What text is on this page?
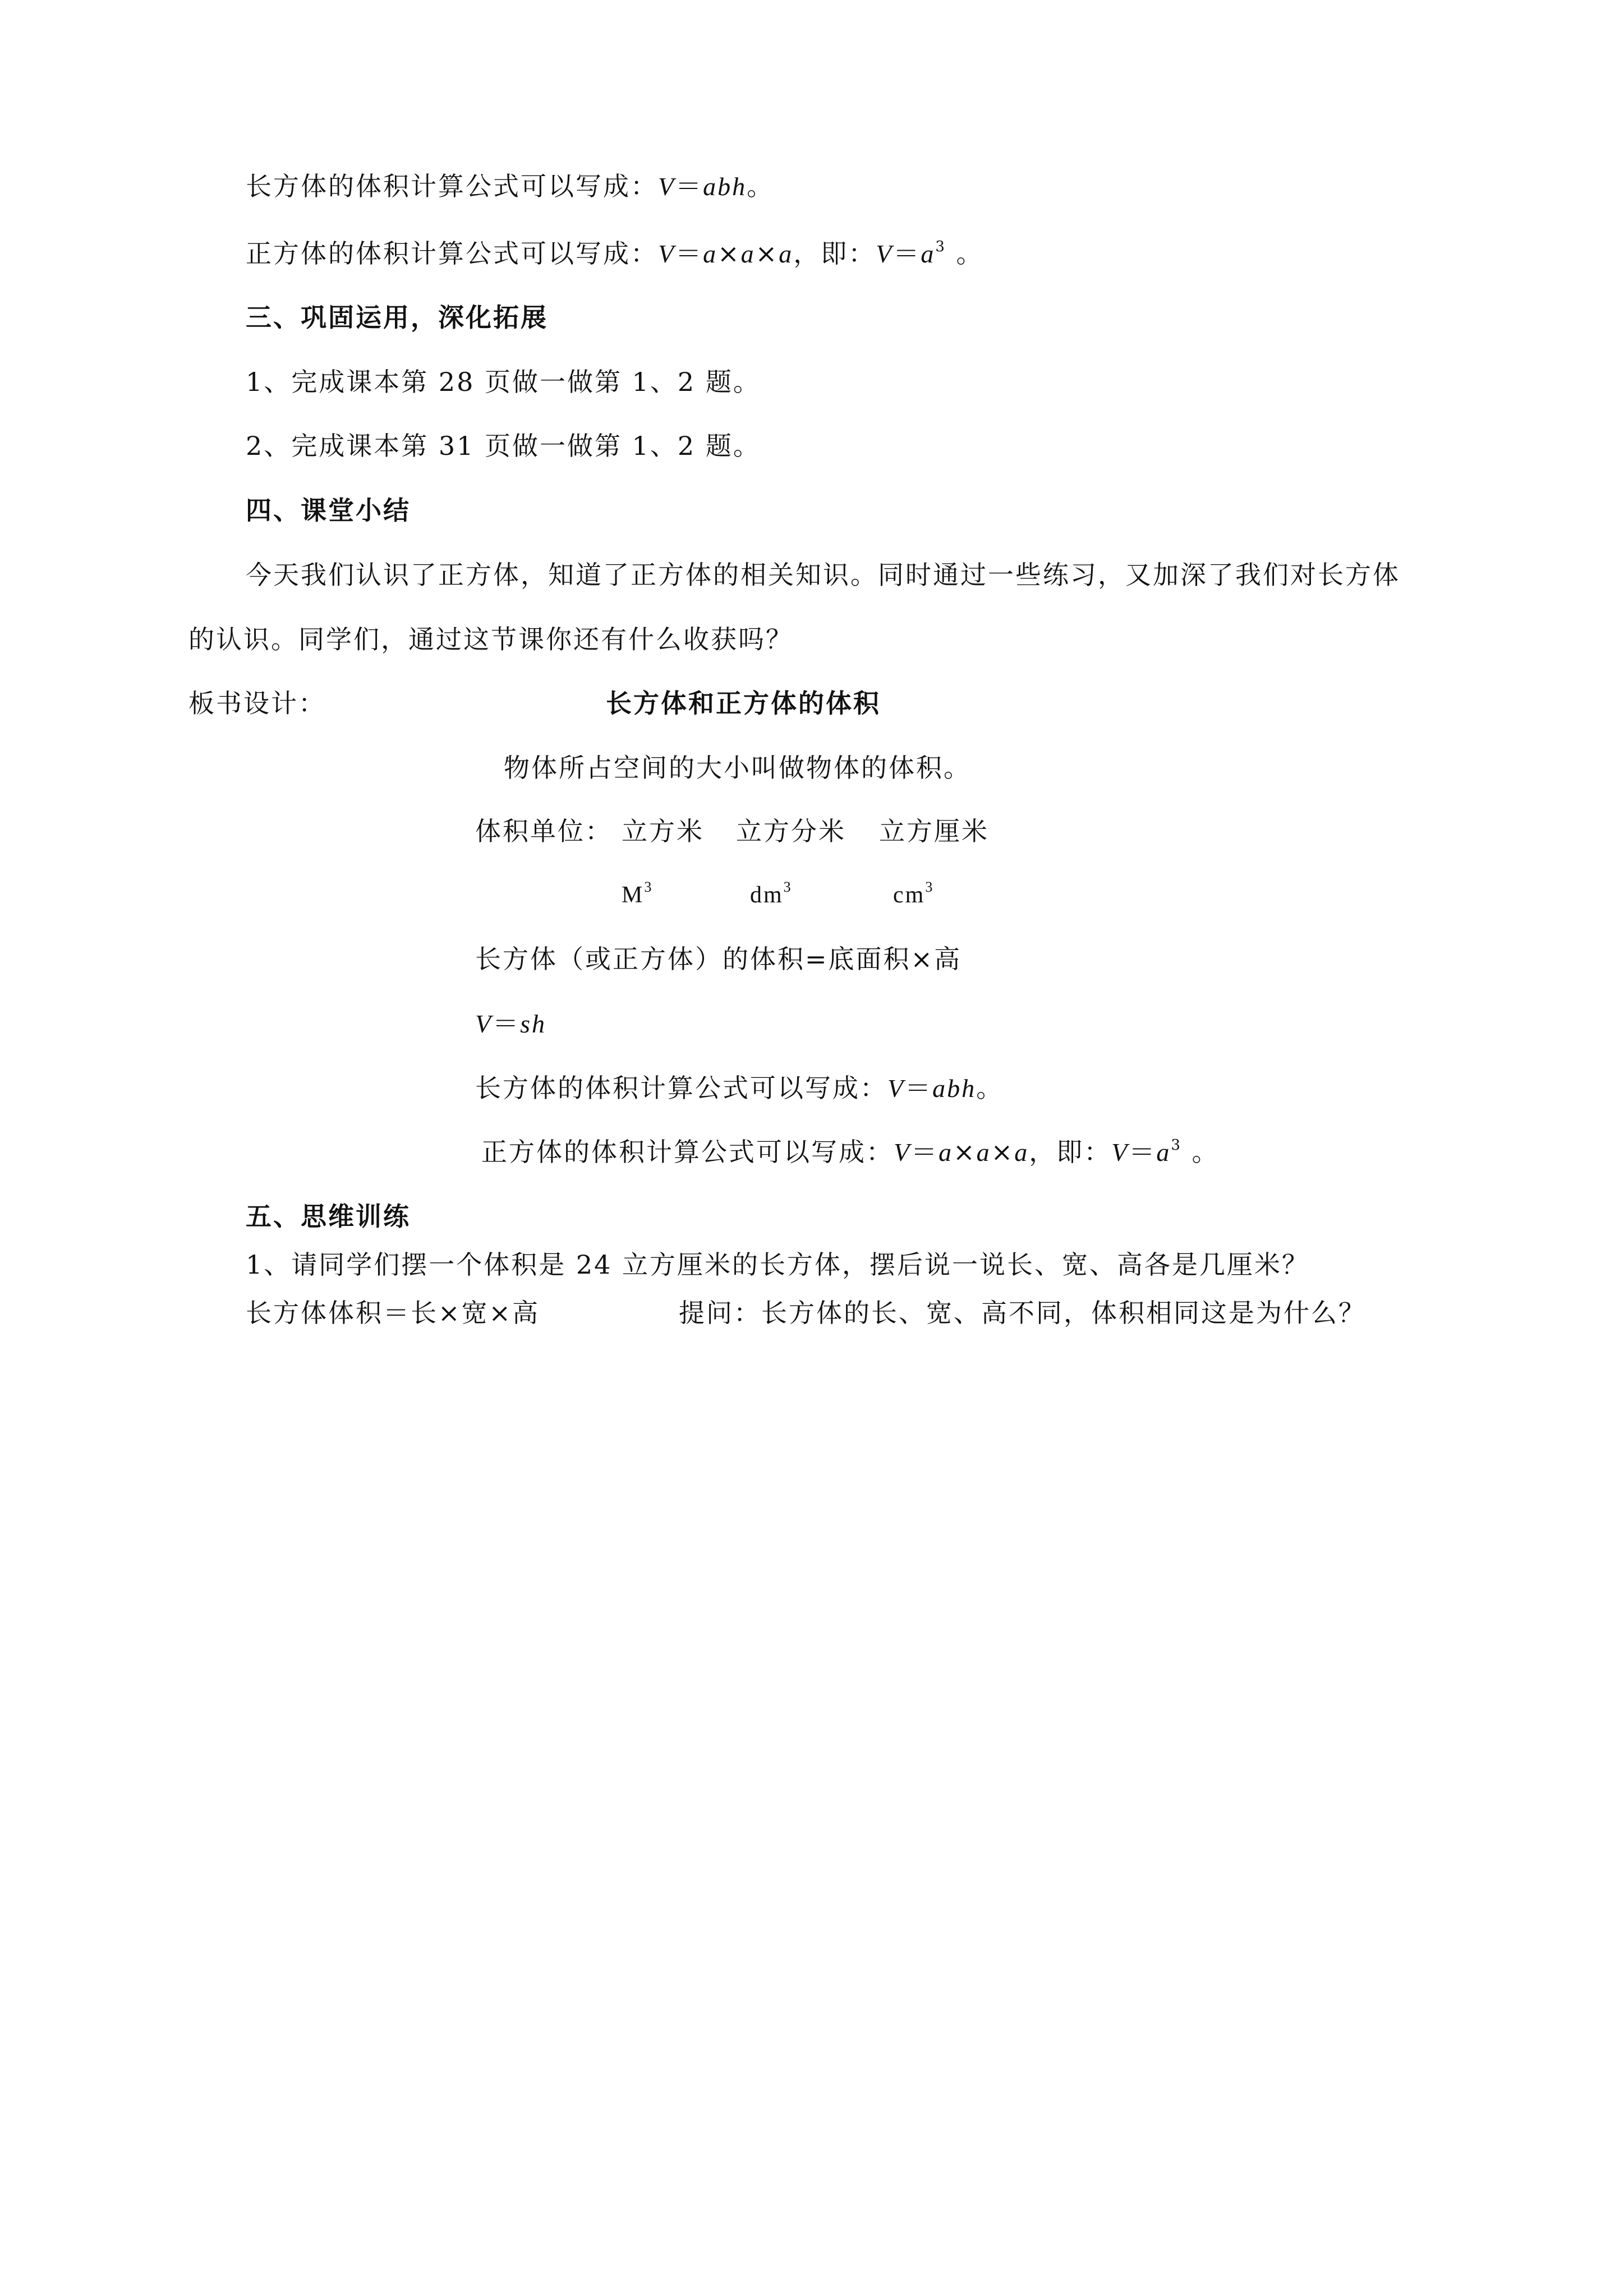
长方体的体积计算公式可以写成：V＝abh。
正方体的体积计算公式可以写成：V＝a×a×a，即：$V=a^3$ 。
三、巩固运用，深化拓展
1、完成课本第 28 页做一做第 1、2 题。
2、完成课本第 31 页做一做第 1、2 题。
四、课堂小结
今天我们认识了正方体，知道了正方体的相关知识。同时通过一些练习，又加深了我们对长方体
的认识。同学们，通过这节课你还有什么收获吗？
板书设计：	长方体和正方体的体积
物体所占空间的大小叫做物体的体积。
体积单位： 立方米 立方分米 立方厘米
$M^3$	$dm^3$	$cm^3$
长方体（或正方体）的体积=底面积×高
V＝sh
长方体的体积计算公式可以写成：V＝abh。
正方体的体积计算公式可以写成：V＝a×a×a，即：$V=a^3$ 。
五、思维训练
1、请同学们摆一个体积是 24 立方厘米的长方体，摆后说一说长、宽、高各是几厘米？
长方体体积＝长×宽×高	提问：长方体的长、宽、高不同，体积相同这是为什么？
